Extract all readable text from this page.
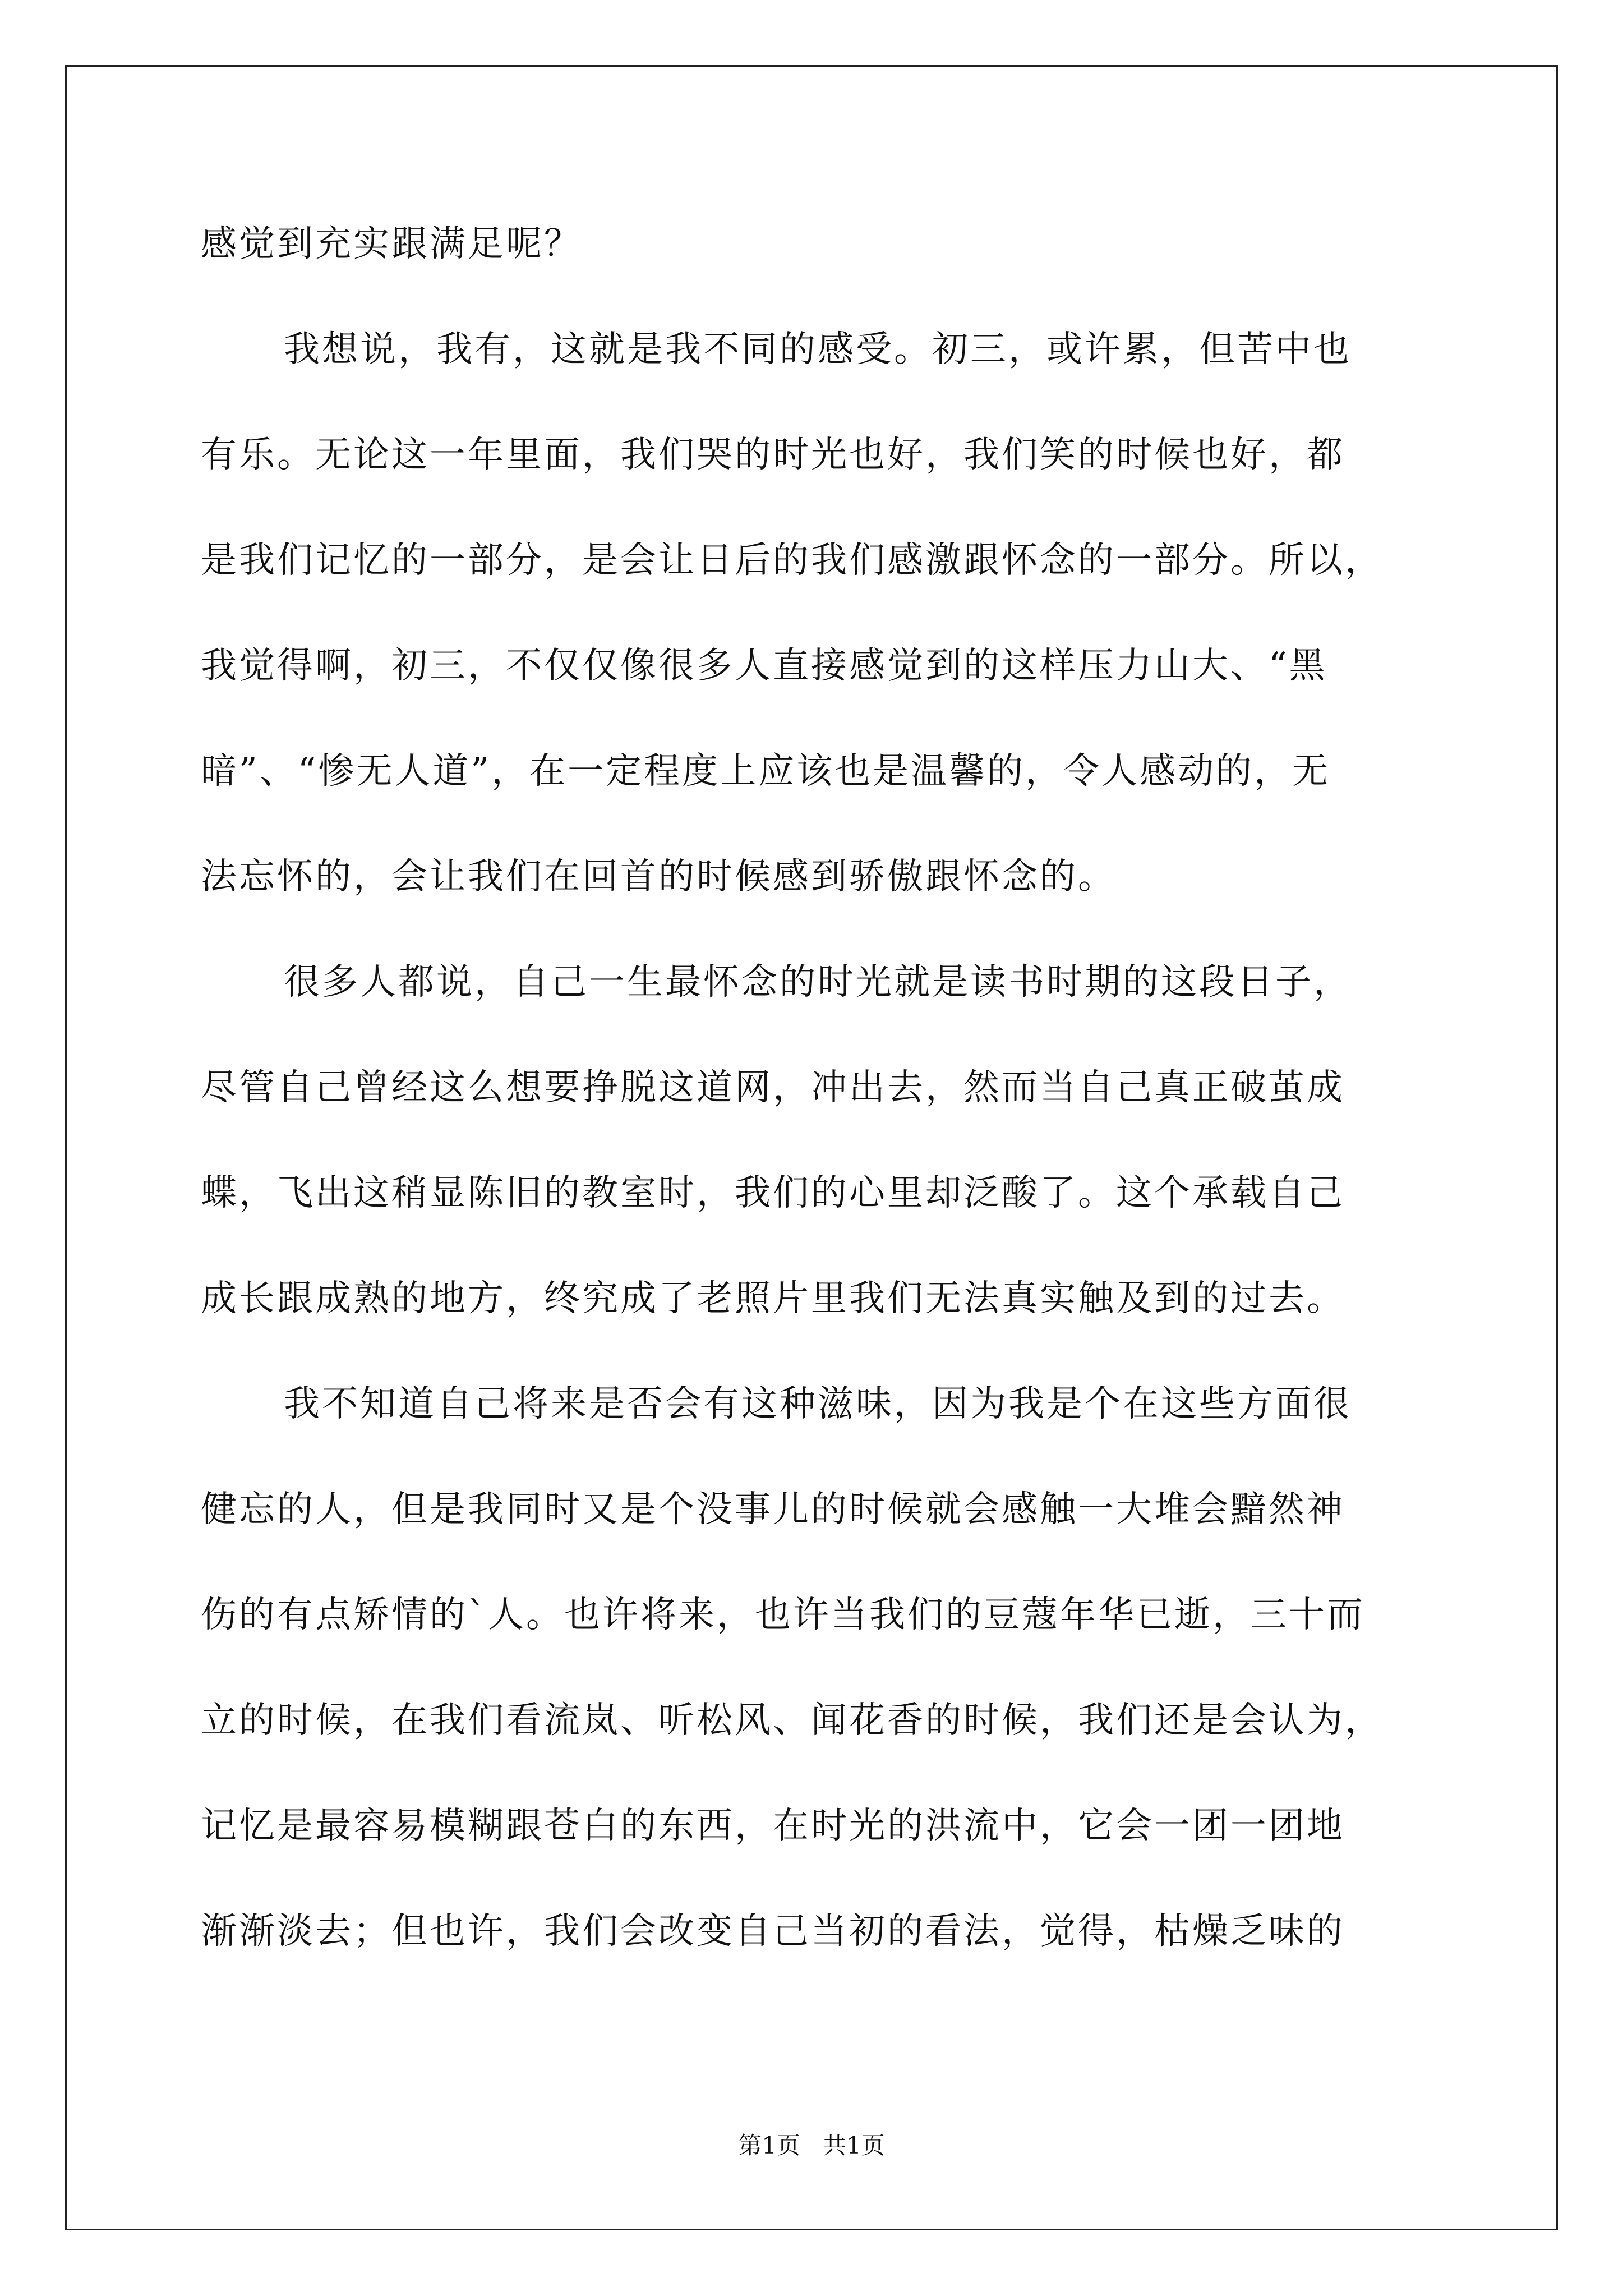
感觉到充实跟满足呢？
我想说，我有，这就是我不同的感受。初三，或许累，但苦中也
有乐。无论这一年里面，我们哭的时光也好，我们笑的时候也好，都
是我们记忆的一部分，是会让日后的我们感激跟怀念的一部分。所以，
我觉得啊，初三，不仅仅像很多人直接感觉到的这样压力山大、“黑
暗”、“惨无人道”，在一定程度上应该也是温馨的，令人感动的，无
法忘怀的，会让我们在回首的时候感到骄傲跟怀念的。
很多人都说，自己一生最怀念的时光就是读书时期的这段日子，
尽管自己曾经这么想要挣脱这道网，冲出去，然而当自己真正破茧成
蝶，飞出这稍显陈旧的教室时，我们的心里却泛酸了。这个承载自己
成长跟成熟的地方，终究成了老照片里我们无法真实触及到的过去。
我不知道自己将来是否会有这种滋味，因为我是个在这些方面很
健忘的人，但是我同时又是个没事儿的时候就会感触一大堆会黯然神
伤的有点矫情的`人。也许将来，也许当我们的豆蔻年华已逝，三十而
立的时候，在我们看流岚、听松风、闻花香的时候，我们还是会认为，
记忆是最容易模糊跟苍白的东西，在时光的洪流中，它会一团一团地
渐渐淡去；但也许，我们会改变自己当初的看法，觉得，枯燥乏味的
第1页   共1页
